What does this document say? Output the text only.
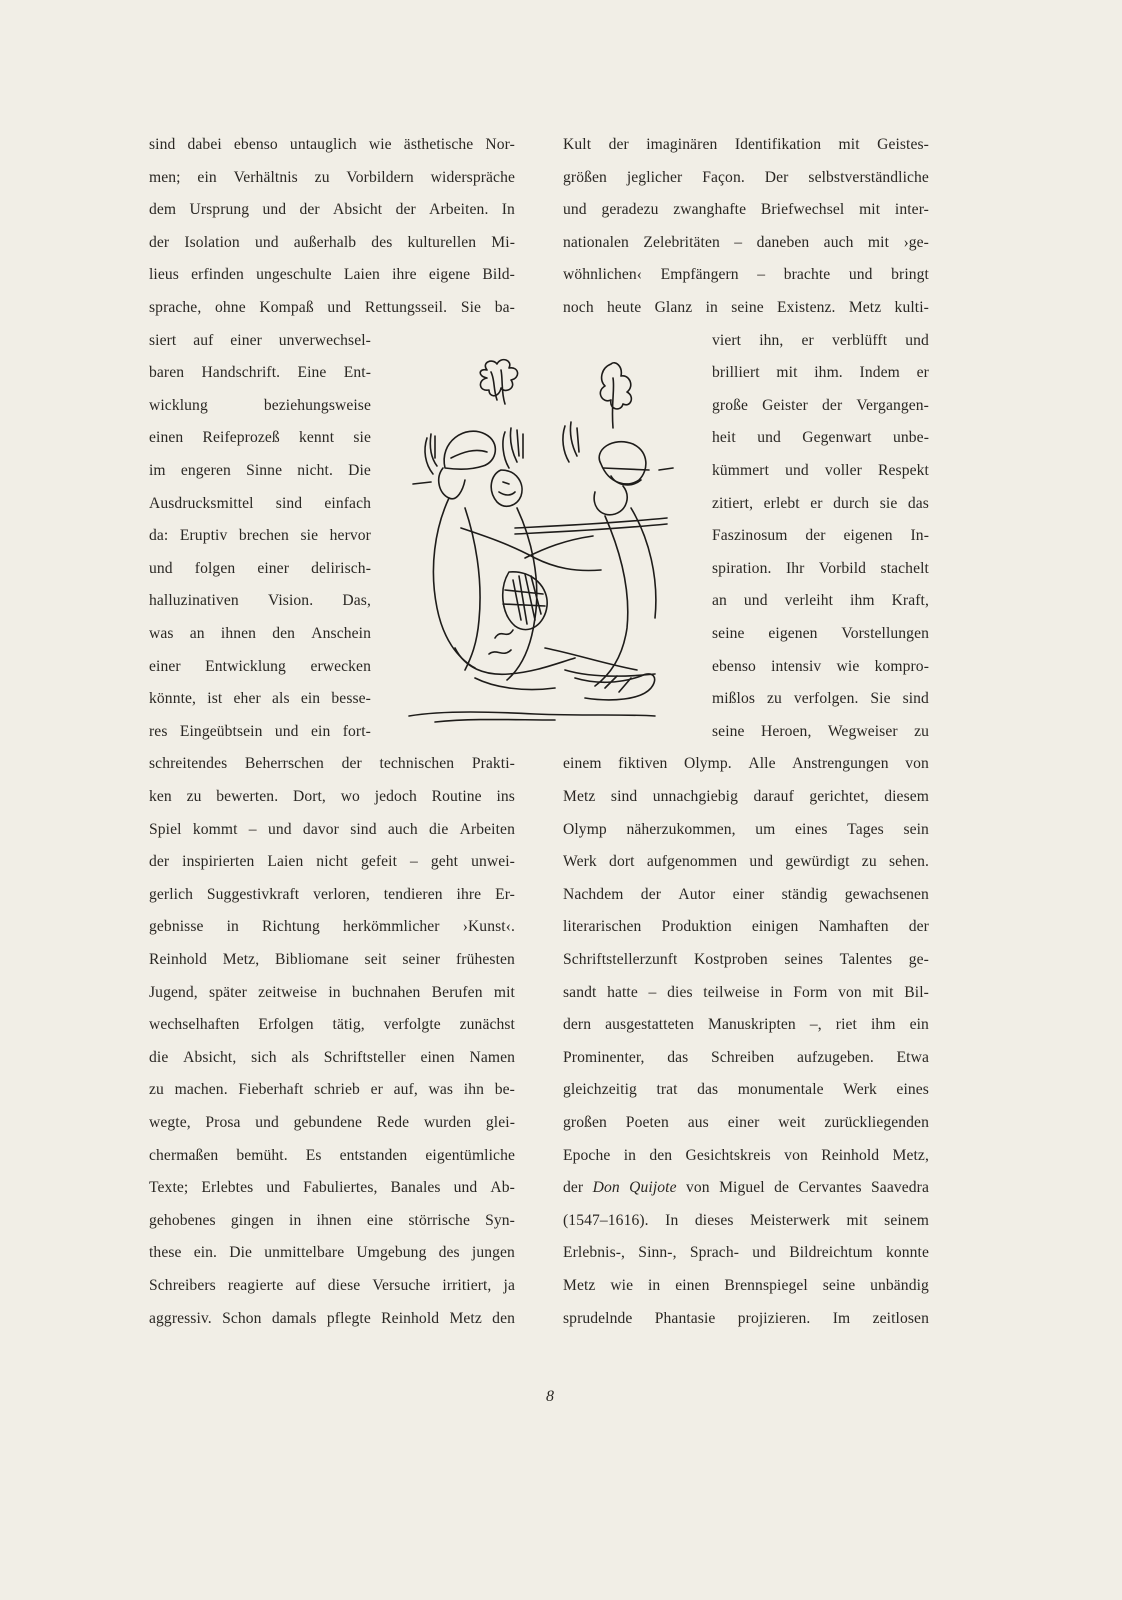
sind dabei ebenso untauglich wie ästhetische Nor-
men; ein Verhältnis zu Vorbildern widerspräche
dem Ursprung und der Absicht der Arbeiten. In
der Isolation und außerhalb des kulturellen Mi-
lieus erfinden ungeschulte Laien ihre eigene Bild-
sprache, ohne Kompaß und Rettungsseil. Sie ba-
siert auf einer unverwechsel-
baren Handschrift. Eine Ent-
wicklung	beziehungsweise
einen Reifeprozeß kennt sie
im engeren Sinne nicht. Die
Ausdrucksmittel sind einfach
da: Eruptiv brechen sie hervor
und folgen einer delirisch-
halluzinativen Vision. Das,
was an ihnen den Anschein
einer Entwicklung erwecken
könnte, ist eher als ein besse-
res Eingeübtsein und ein fort-
schreitendes Beherrschen der technischen Prakti-
ken zu bewerten. Dort, wo jedoch Routine ins
Spiel kommt – und davor sind auch die Arbeiten
der inspirierten Laien nicht gefeit – geht unwei-
gerlich Suggestivkraft verloren, tendieren ihre Er-
gebnisse in Richtung herkömmlicher ›Kunst‹.
Reinhold Metz, Bibliomane seit seiner frühesten
Jugend, später zeitweise in buchnahen Berufen mit
wechselhaften Erfolgen tätig, verfolgte zunächst
die Absicht, sich als Schriftsteller einen Namen
zu machen. Fieberhaft schrieb er auf, was ihn be-
wegte, Prosa und gebundene Rede wurden glei-
chermaßen bemüht. Es entstanden eigentümliche
Texte; Erlebtes und Fabuliertes, Banales und Ab-
gehobenes gingen in ihnen eine störrische Syn-
these ein. Die unmittelbare Umgebung des jungen
Schreibers reagierte auf diese Versuche irritiert, ja
aggressiv. Schon damals pflegte Reinhold Metz den
Kult der imaginären Identifikation mit Geistes-
größen jeglicher Façon. Der selbstverständliche
und geradezu zwanghafte Briefwechsel mit inter-
nationalen Zelebritäten – daneben auch mit ›ge-
wöhnlichen‹ Empfängern – brachte und bringt
noch heute Glanz in seine Existenz. Metz kulti-
viert ihn, er verblüfft und
brilliert mit ihm. Indem er
große Geister der Vergangen-
heit und Gegenwart unbe-
kümmert und voller Respekt
zitiert, erlebt er durch sie das
Faszinosum der eigenen In-
spiration. Ihr Vorbild stachelt
an und verleiht ihm Kraft,
seine eigenen Vorstellungen
ebenso intensiv wie kompro-
mißlos zu verfolgen. Sie sind
seine Heroen, Wegweiser zu
einem fiktiven Olymp. Alle Anstrengungen von
Metz sind unnachgiebig darauf gerichtet, diesem
Olymp näherzukommen, um eines Tages sein
Werk dort aufgenommen und gewürdigt zu sehen.
Nachdem der Autor einer ständig gewachsenen
literarischen Produktion einigen Namhaften der
Schriftstellerzunft Kostproben seines Talentes ge-
sandt hatte – dies teilweise in Form von mit Bil-
dern ausgestatteten Manuskripten –, riet ihm ein
Prominenter, das Schreiben aufzugeben. Etwa
gleichzeitig trat das monumentale Werk eines
großen Poeten aus einer weit zurückliegenden
Epoche in den Gesichtskreis von Reinhold Metz,
der Don Quijote von Miguel de Cervantes Saavedra
(1547–1616). In dieses Meisterwerk mit seinem
Erlebnis-, Sinn-, Sprach- und Bildreichtum konnte
Metz wie in einen Brennspiegel seine unbändig
sprudelnde Phantasie projizieren. Im zeitlosen
8
